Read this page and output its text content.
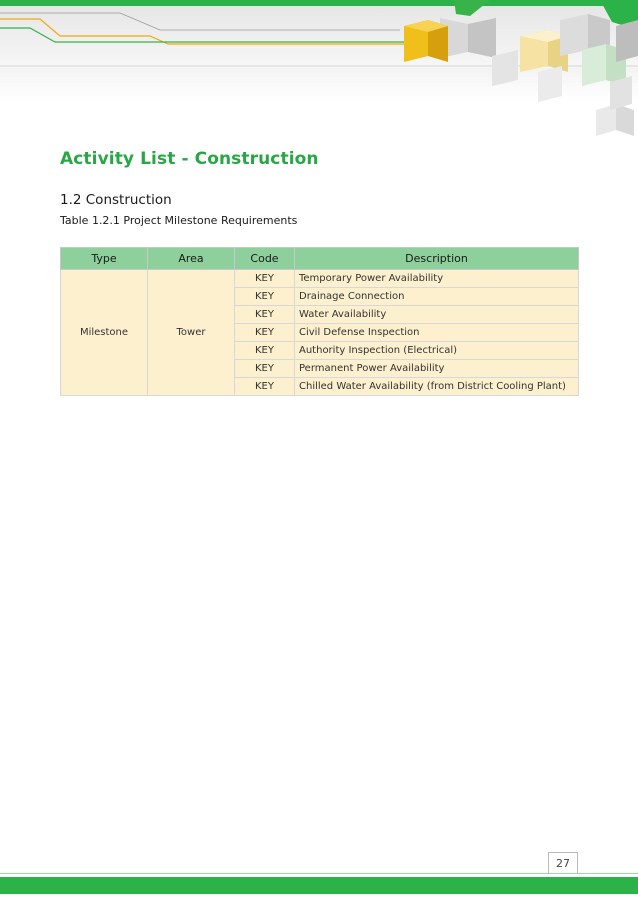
Activity List - Construction
1.2 Construction
Table 1.2.1 Project Milestone Requirements
Type	Area	Code	Description
Milestone	Tower	KEY	Temporary Power Availability
		KEY	Drainage Connection
		KEY	Water Availability
		KEY	Civil Defense Inspection
		KEY	Authority Inspection (Electrical)
		KEY	Permanent Power Availability
		KEY	Chilled Water Availability (from District Cooling Plant)
27
